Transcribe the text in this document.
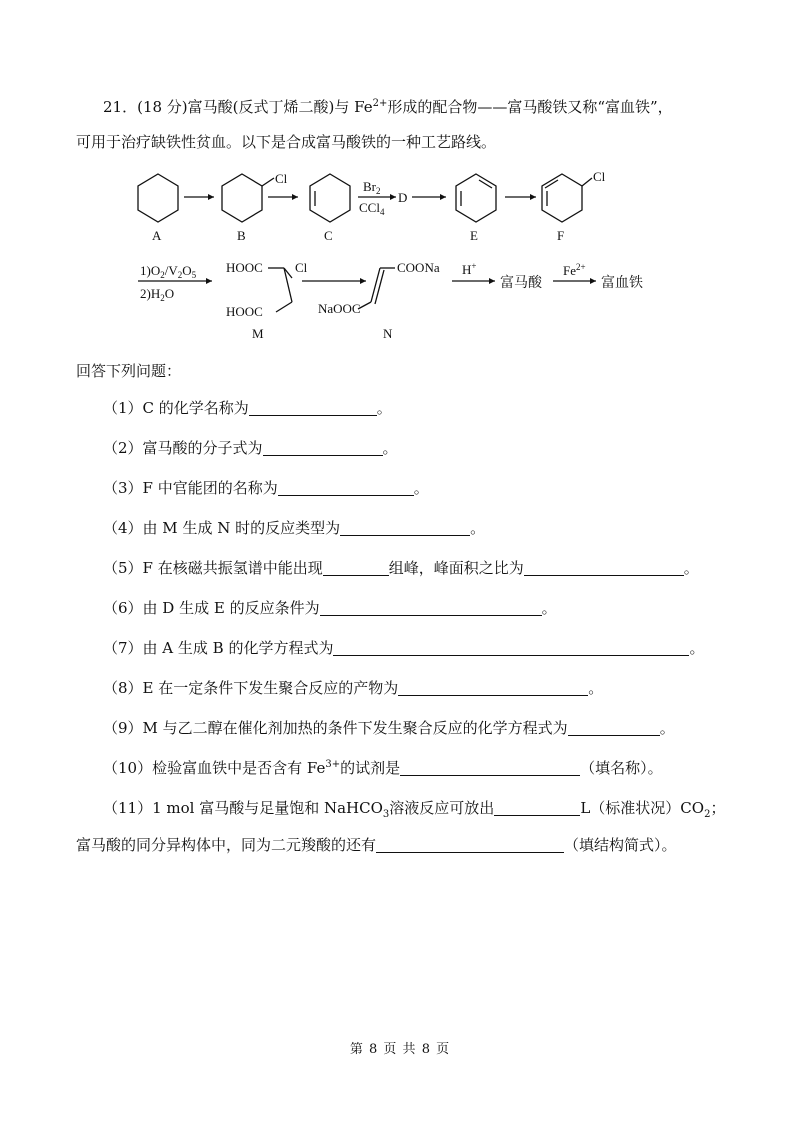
21．(18 分)富马酸(反式丁烯二酸)与 $Fe^{2+}$形成的配合物——富马酸铁又称“富血铁”，
可用于治疗缺铁性贫血。以下是合成富马酸铁的一种工艺路线。
A	B	C
D
E	F
Cl	Cl
$Br_2$
CCl$_4$
$1)O_2/V_2O_5$
$2)H_2O$
HOOC Cl
HOOC
M
COONa
NaOOC
N
H+
富马酸
$Fe^{2+}$
富血铁
回答下列问题：
（1）C 的化学名称为	。
（2）富马酸的分子式为	。
（3）F 中官能团的名称为	。
（4）由 M 生成 N 时的反应类型为	。
（5）F 在核磁共振氢谱中能出现	组峰，峰面积之比为	。
（6）由 D 生成 E 的反应条件为	。
（7）由 A 生成 B 的化学方程式为	。
（8）E 在一定条件下发生聚合反应的产物为	。
（9）M 与乙二醇在催化剂加热的条件下发生聚合反应的化学方程式为	。
（10）检验富血铁中是否含有 $Fe^{3+}$的试剂是	（填名称）。
（11）1 mol 富马酸与足量饱和 NaHCO$_3$溶液反应可放出	L（标准状况）$CO_2$；
富马酸的同分异构体中，同为二元羧酸的还有	（填结构简式）。
第 8 页 共 8 页
